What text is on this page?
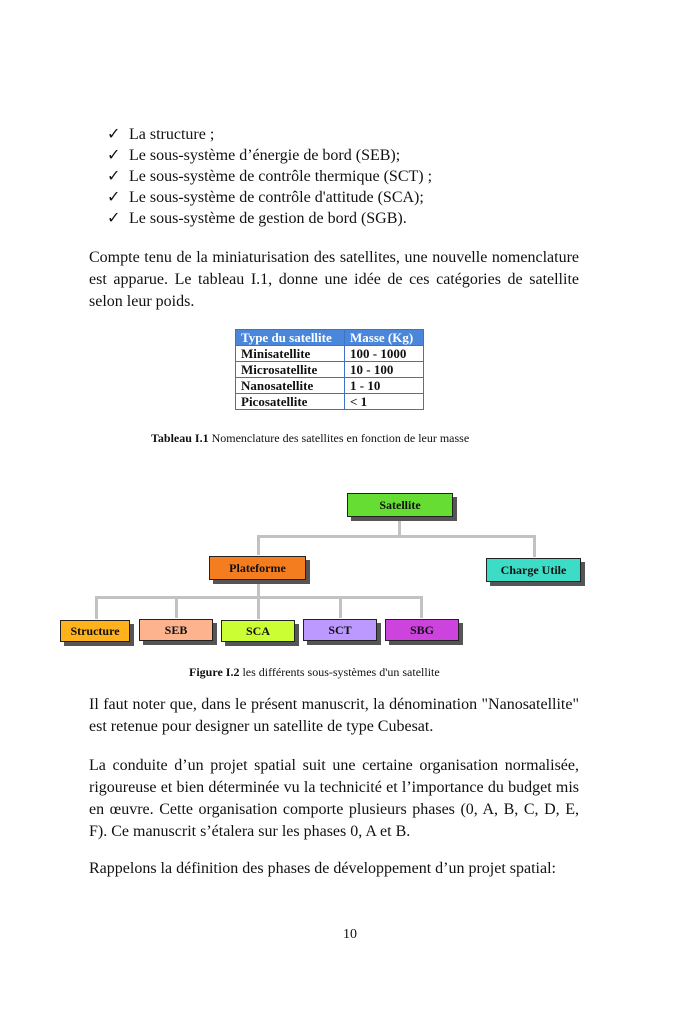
✓ La structure ;
✓ Le sous-système d’énergie de bord (SEB);
✓ Le sous-système de contrôle thermique (SCT) ;
✓ Le sous-système de contrôle d'attitude (SCA);
✓ Le sous-système de gestion de bord (SGB).

Compte tenu de la miniaturisation des satellites, une nouvelle nomenclature est apparue. Le tableau I.1, donne une idée de ces catégories de satellite selon leur poids.

Type du satellite	Masse (Kg)
Minisatellite	100 - 1000
Microsatellite	10 - 100
Nanosatellite	1 - 10
Picosatellite	< 1
Tableau I.1 Nomenclature des satellites en fonction de leur masse
Satellite
Plateforme	Charge Utile
Structure	SEB	SCA	SCT	SBG
Figure I.2 les différents sous-systèmes d'un satellite

Il faut noter que, dans le présent manuscrit, la dénomination "Nanosatellite" est retenue pour designer un satellite de type Cubesat.

La conduite d’un projet spatial suit une certaine organisation normalisée, rigoureuse et bien déterminée vu la technicité et l’importance du budget mis en œuvre. Cette organisation comporte plusieurs phases (0, A, B, C, D, E, F). Ce manuscrit s’étalera sur les phases 0, A et B.

Rappelons la définition des phases de développement d’un projet spatial:

10
